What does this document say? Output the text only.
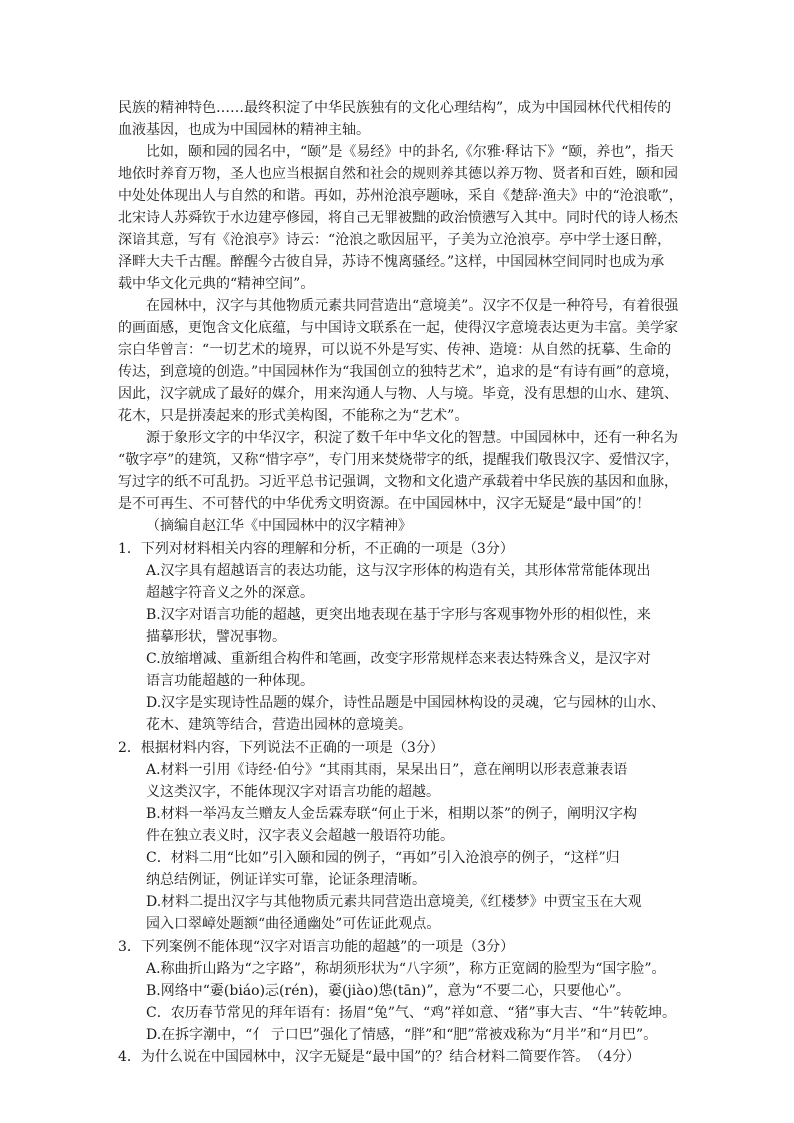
民族的精神特色……最终积淀了中华民族独有的文化心理结构”，成为中国园林代代相传的
血液基因，也成为中国园林的精神主轴。
比如，颐和园的园名中，“颐”是《易经》中的卦名,《尔雅·释诂下》“颐，养也”，指天
地依时养育万物，圣人也应当根据自然和社会的规则养其德以养万物、贤者和百姓，颐和园
中处处体现出人与自然的和谐。再如，苏州沧浪亭题咏，采自《楚辞·渔夫》中的“沧浪歌”，
北宋诗人苏舜钦于水边建亭修园，将自己无罪被黜的政治愤懑写入其中。同时代的诗人杨杰
深谙其意，写有《沧浪亭》诗云：“沧浪之歌因屈平，子美为立沧浪亭。亭中学士逐日醉，
泽畔大夫千古醒。醉醒今古彼自异，苏诗不愧离骚经。”这样，中国园林空间同时也成为承
载中华文化元典的“精神空间”。
在园林中，汉字与其他物质元素共同营造出“意境美”。汉字不仅是一种符号，有着很强
的画面感，更饱含文化底蕴，与中国诗文联系在一起，使得汉字意境表达更为丰富。美学家
宗白华曾言：“一切艺术的境界，可以说不外是写实、传神、造境：从自然的抚摹、生命的
传达，到意境的创造。”中国园林作为“我国创立的独特艺术”，追求的是“有诗有画”的意境，
因此，汉字就成了最好的媒介，用来沟通人与物、人与境。毕竟，没有思想的山水、建筑、
花木，只是拼凑起来的形式美构图，不能称之为“艺术”。
源于象形文字的中华汉字，积淀了数千年中华文化的智慧。中国园林中，还有一种名为
“敬字亭”的建筑，又称“惜字亭”，专门用来焚烧带字的纸，提醒我们敬畏汉字、爱惜汉字，
写过字的纸不可乱扔。习近平总书记强调，文物和文化遗产承载着中华民族的基因和血脉，
是不可再生、不可替代的中华优秀文明资源。在中国园林中，汉字无疑是“最中国”的！
（摘编自赵江华《中国园林中的汉字精神》
1．下列对材料相关内容的理解和分析，不正确的一项是（3分）
A.汉字具有超越语言的表达功能，这与汉字形体的构造有关，其形体常常能体现出
超越字符音义之外的深意。
B.汉字对语言功能的超越，更突出地表现在基于字形与客观事物外形的相似性，来
描摹形状，譬况事物。
C.放缩增减、重新组合构件和笔画，改变字形常规样态来表达特殊含义，是汉字对
语言功能超越的一种体现。
D.汉字是实现诗性品题的媒介，诗性品题是中国园林构设的灵魂，它与园林的山水、
花木、建筑等结合，营造出园林的意境美。
2．根据材料内容，下列说法不正确的一项是（3分）
A.材料一引用《诗经·伯兮》“其雨其雨，杲杲出日”，意在阐明以形表意兼表语
义这类汉字，不能体现汉字对语言功能的超越。
B.材料一举冯友兰赠友人金岳霖寿联“何止于米，相期以茶”的例子，阐明汉字构
件在独立表义时，汉字表义会超越一般语符功能。
C．材料二用“比如”引入颐和园的例子，“再如”引入沧浪亭的例子，“这样”归
纳总结例证，例证详实可靠，论证条理清晰。
D.材料二提出汉字与其他物质元素共同营造出意境美,《红楼梦》中贾宝玉在大观
园入口翠嶂处题额“曲径通幽处”可佐证此观点。
3．下列案例不能体现“汉字对语言功能的超越”的一项是（3分）
A.称曲折山路为“之字路”，称胡须形状为“八字须”，称方正宽阔的脸型为“国字脸”。
B.网络中“嫑(biáo)忈(rén)，嫑(jiào)怹(tān)”，意为“不要二心，只要他心”。
C．农历春节常见的拜年语有：扬眉“兔”气、“鸡”祥如意、“猪”事大吉、“牛”转乾坤。
D.在拆字潮中，“亻 亍口巴”强化了情感，“胖”和“肥”常被戏称为“月半”和“月巴”。
4．为什么说在中国园林中，汉字无疑是“最中国”的？结合材料二简要作答。　（4分）
